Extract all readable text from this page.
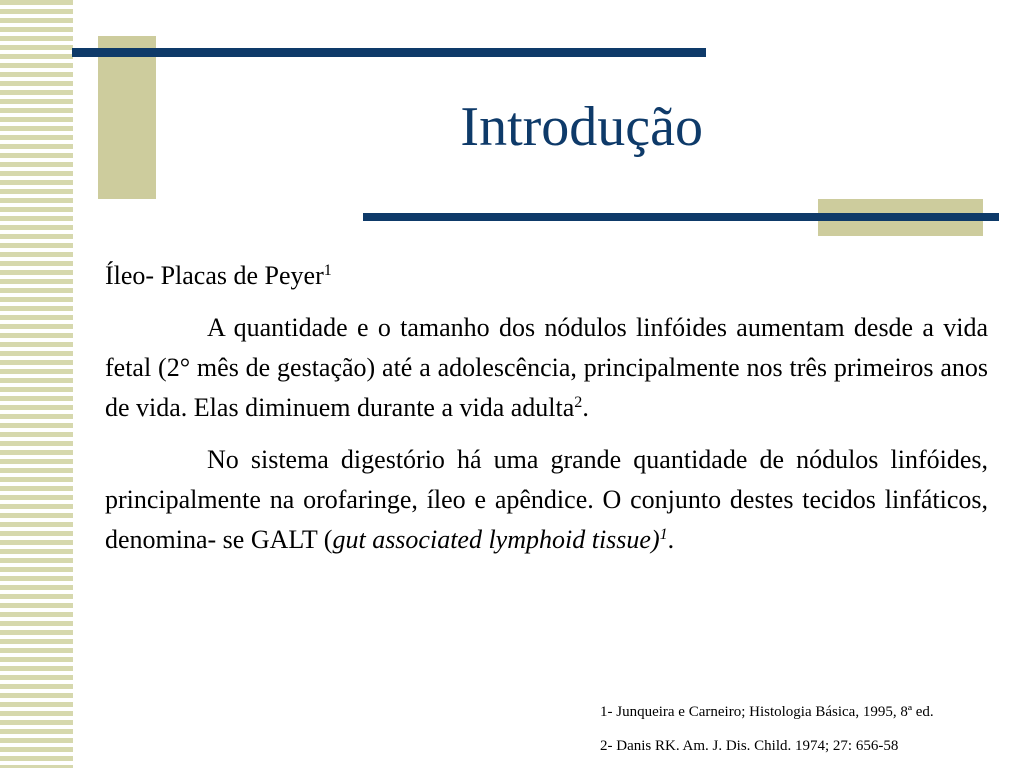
Introdução

Íleo- Placas de Peyer$^1$

A quantidade e o tamanho dos nódulos linfóides aumentam desde a vida fetal (2° mês de gestação) até a adolescência, principalmente nos três primeiros anos de vida. Elas diminuem durante a vida adulta$^2$.

No sistema digestório há uma grande quantidade de nódulos linfóides, principalmente na orofaringe, íleo e apêndice. O conjunto destes tecidos linfáticos, denomina- se GALT (gut associated lymphoid tissue)$^1$.

1- Junqueira e Carneiro; Histologia Básica, 1995, 8ª ed.
2- Danis RK. Am. J. Dis. Child. 1974; 27: 656-58
